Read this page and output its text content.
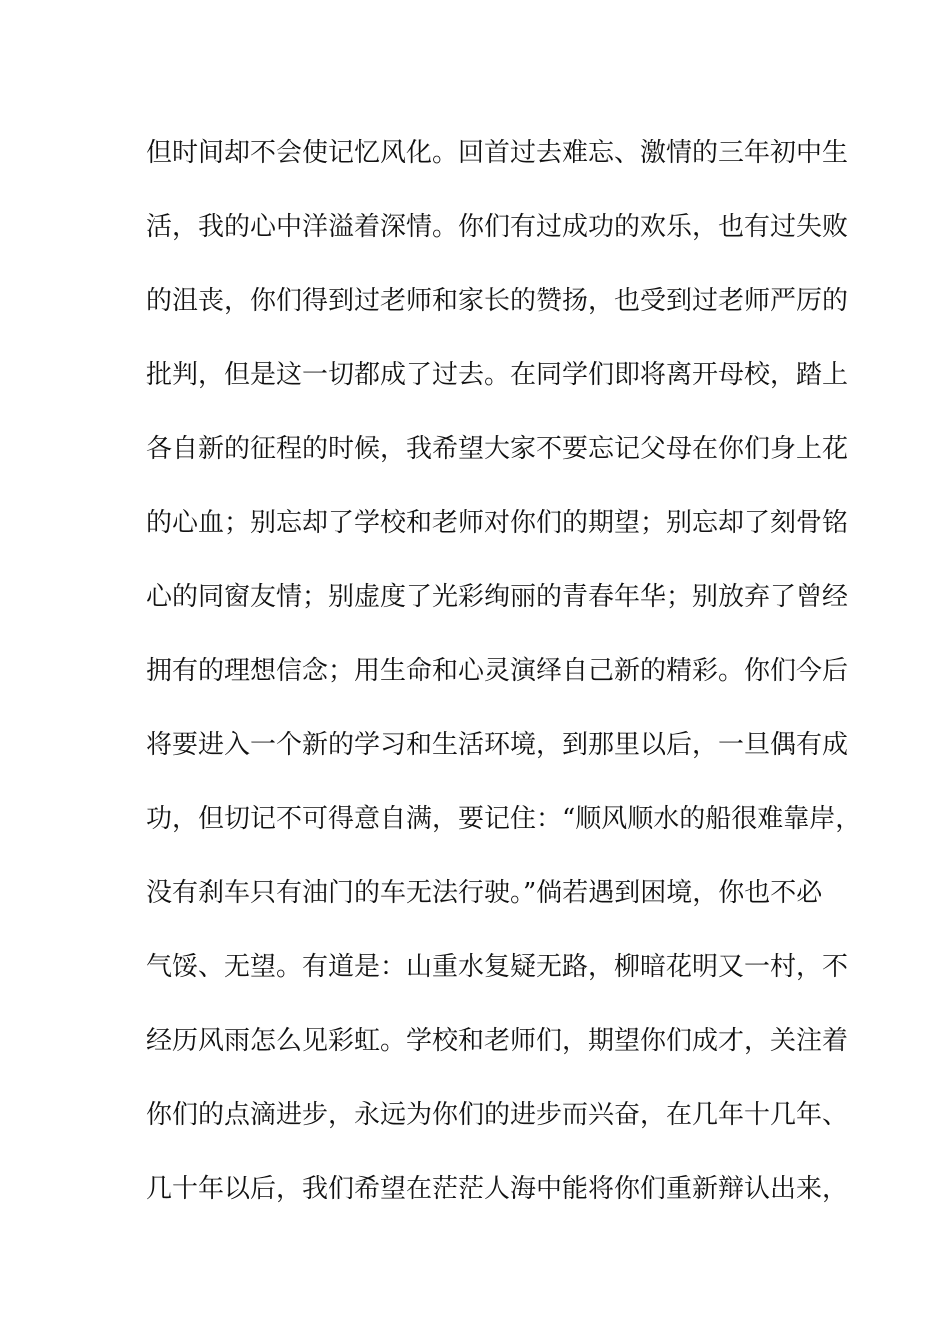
但时间却不会使记忆风化。回首过去难忘、激情的三年初中生
活，我的心中洋溢着深情。你们有过成功的欢乐，也有过失败
的沮丧，你们得到过老师和家长的赞扬，也受到过老师严厉的
批判，但是这一切都成了过去。在同学们即将离开母校，踏上
各自新的征程的时候，我希望大家不要忘记父母在你们身上花
的心血；别忘却了学校和老师对你们的期望；别忘却了刻骨铭
心的同窗友情；别虚度了光彩绚丽的青春年华；别放弃了曾经
拥有的理想信念；用生命和心灵演绎自己新的精彩。你们今后
将要进入一个新的学习和生活环境，到那里以后，一旦偶有成
功，但切记不可得意自满，要记住：“顺风顺水的船很难靠岸，
没有刹车只有油门的车无法行驶。”倘若遇到困境，你也不必
气馁、无望。有道是：山重水复疑无路，柳暗花明又一村，不
经历风雨怎么见彩虹。学校和老师们，期望你们成才，关注着
你们的点滴进步，永远为你们的进步而兴奋，在几年十几年、
几十年以后，我们希望在茫茫人海中能将你们重新辩认出来，
